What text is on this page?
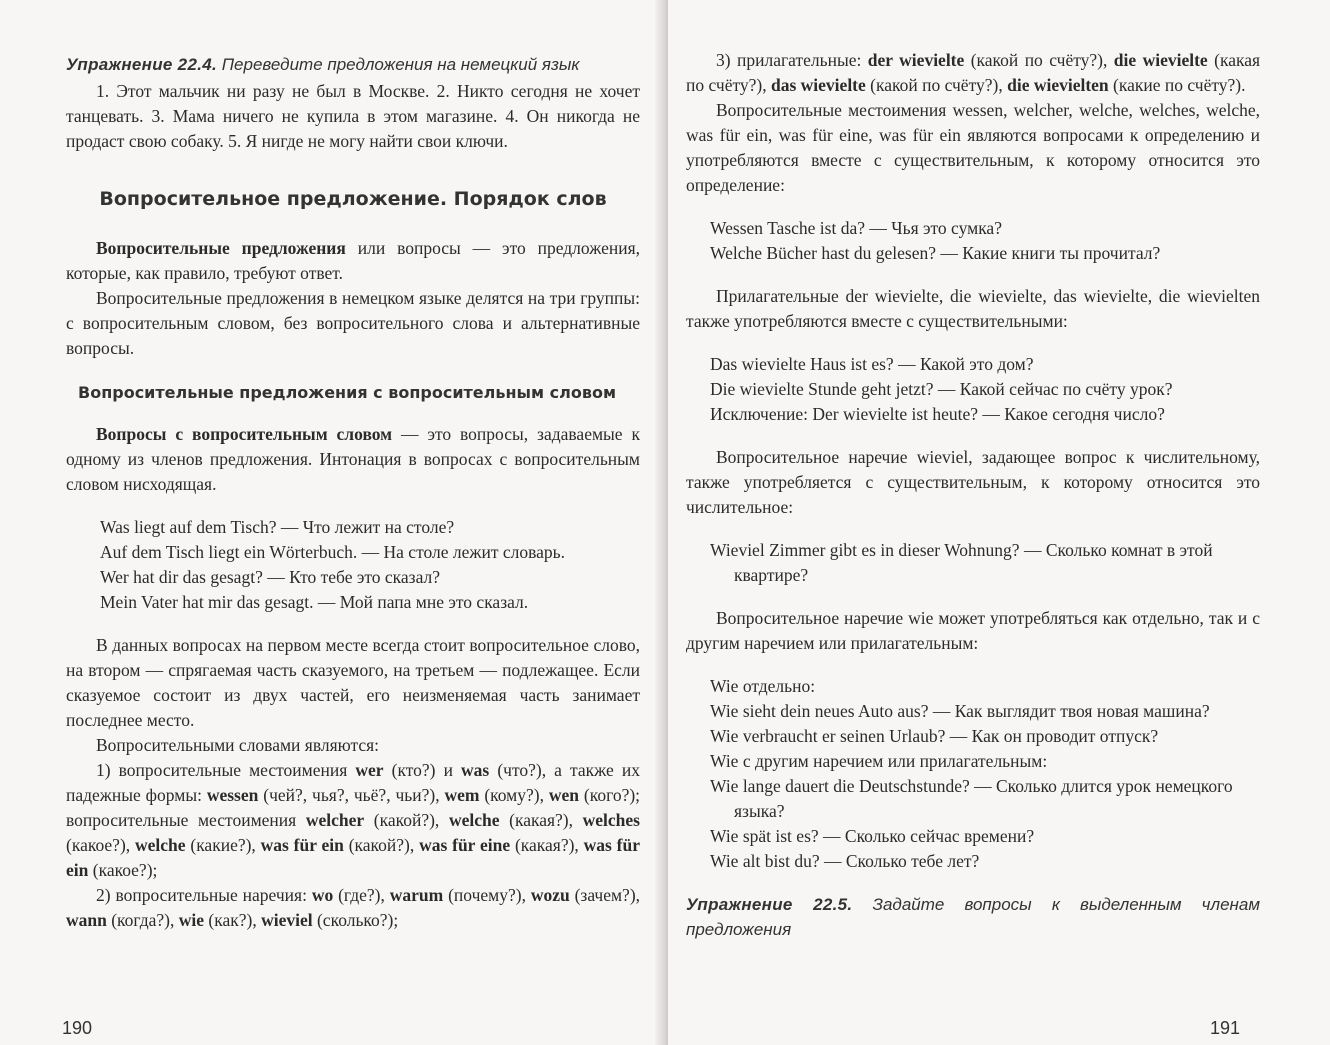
Упражнение 22.4. Переведите предложения на немецкий язык

1. Этот мальчик ни разу не был в Москве. 2. Никто сегодня не хочет танцевать. 3. Мама ничего не купила в этом магазине. 4. Он никогда не продаст свою собаку. 5. Я нигде не могу найти свои ключи.

Вопросительное предложение. Порядок слов

Вопросительные предложения или вопросы — это предложения, которые, как правило, требуют ответ.

Вопросительные предложения в немецком языке делятся на три группы: с вопросительным словом, без вопросительного слова и альтернативные вопросы.

Вопросительные предложения с вопросительным словом

Вопросы с вопросительным словом — это вопросы, задаваемые к одному из членов предложения. Интонация в вопросах с вопросительным словом нисходящая.

Was liegt auf dem Tisch? — Что лежит на столе?

Auf dem Tisch liegt ein Wörterbuch. — На столе лежит словарь.

Wer hat dir das gesagt? — Кто тебе это сказал?

Mein Vater hat mir das gesagt. — Мой папа мне это сказал.

В данных вопросах на первом месте всегда стоит вопросительное слово, на втором — спрягаемая часть сказуемого, на третьем — подлежащее. Если сказуемое состоит из двух частей, его неизменяемая часть занимает последнее место.

Вопросительными словами являются:

1) вопросительные местоимения wer (кто?) и was (что?), а также их падежные формы: wessen (чей?, чья?, чьё?, чьи?), wem (кому?), wen (кого?); вопросительные местоимения welcher (какой?), welche (какая?), welches (какое?), welche (какие?), was für ein (какой?), was für eine (какая?), was für ein (какое?);

2) вопросительные наречия: wo (где?), warum (почему?), wozu (зачем?), wann (когда?), wie (как?), wieviel (сколько?);

190

3) прилагательные: der wievielte (какой по счёту?), die wievielte (какая по счёту?), das wievielte (какой по счёту?), die wievielten (какие по счёту?).

Вопросительные местоимения wessen, welcher, welche, welches, welche, was für ein, was für eine, was für ein являются вопросами к определению и употребляются вместе с существительным, к которому относится это определение:

Wessen Tasche ist da? — Чья это сумка?

Welche Bücher hast du gelesen? — Какие книги ты прочитал?

Прилагательные der wievielte, die wievielte, das wievielte, die wievielten также употребляются вместе с существительными:

Das wievielte Haus ist es? — Какой это дом?

Die wievielte Stunde geht jetzt? — Какой сейчас по счёту урок?

Исключение: Der wievielte ist heute? — Какое сегодня число?

Вопросительное наречие wieviel, задающее вопрос к числительному, также употребляется с существительным, к которому относится это числительное:

Wieviel Zimmer gibt es in dieser Wohnung? — Сколько комнат в этой квартире?

Вопросительное наречие wie может употребляться как отдельно, так и с другим наречием или прилагательным:

Wie отдельно:

Wie sieht dein neues Auto aus? — Как выглядит твоя новая машина?

Wie verbraucht er seinen Urlaub? — Как он проводит отпуск?

Wie с другим наречием или прилагательным:

Wie lange dauert die Deutschstunde? — Сколько длится урок немецкого языка?

Wie spät ist es? — Сколько сейчас времени?

Wie alt bist du? — Сколько тебе лет?

Упражнение 22.5. Задайте вопросы к выделенным членам предложения

191
